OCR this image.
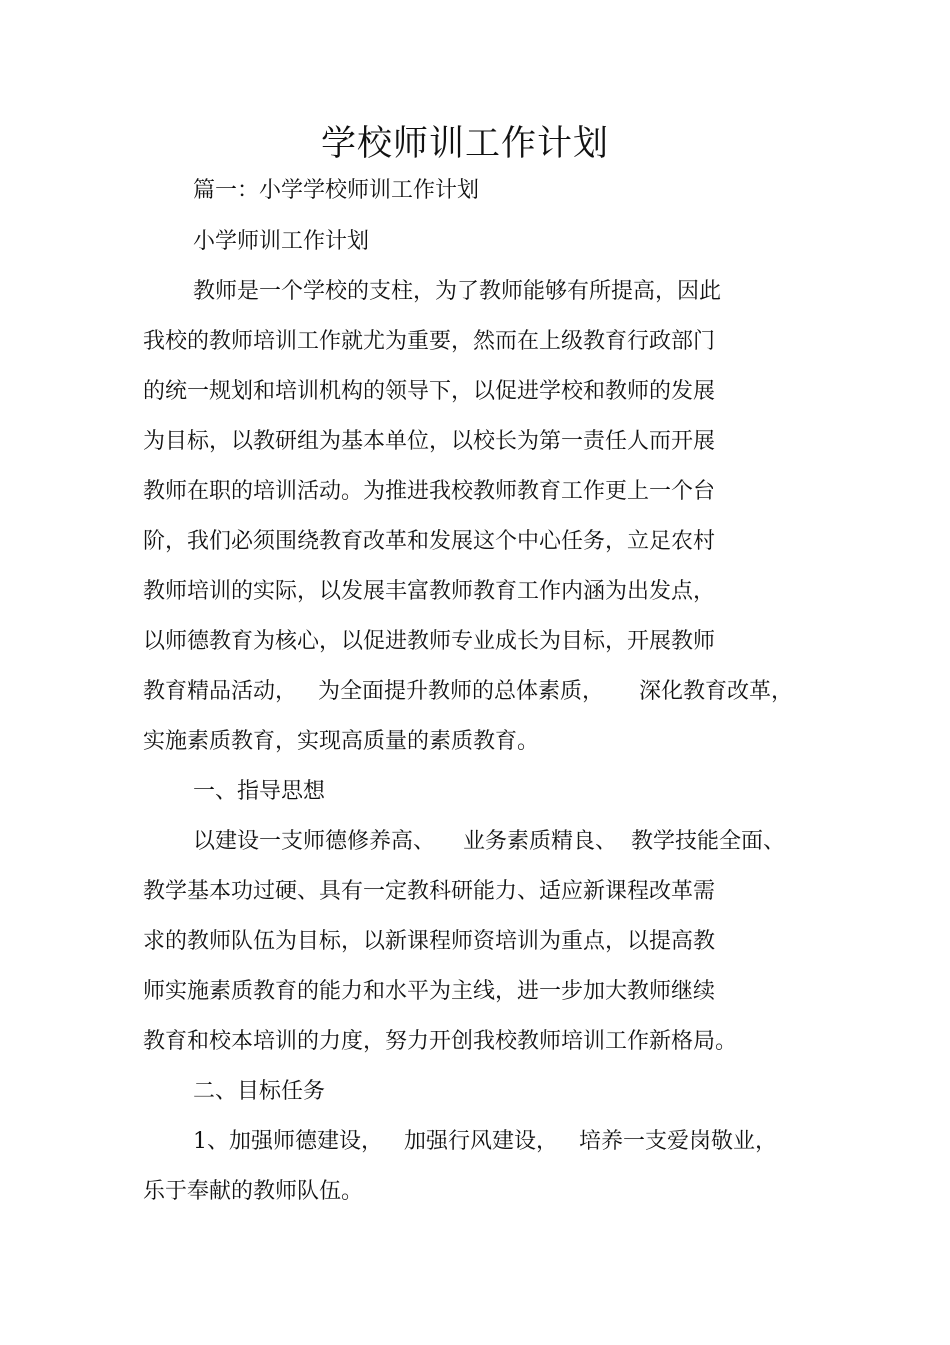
学校师训工作计划
篇一：小学学校师训工作计划
小学师训工作计划
教师是一个学校的支柱，为了教师能够有所提高，因此
我校的教师培训工作就尤为重要，然而在上级教育行政部门
的统一规划和培训机构的领导下，以促进学校和教师的发展
为目标，以教研组为基本单位，以校长为第一责任人而开展
教师在职的培训活动。为推进我校教师教育工作更上一个台
阶，我们必须围绕教育改革和发展这个中心任务，立足农村
教师培训的实际，以发展丰富教师教育工作内涵为出发点，
以师德教育为核心，以促进教师专业成长为目标，开展教师
教育精品活动，   为全面提升教师的总体素质，     深化教育改革，
实施素质教育，实现高质量的素质教育。
一、指导思想
以建设一支师德修养高、    业务素质精良、  教学技能全面、
教学基本功过硬、具有一定教科研能力、适应新课程改革需
求的教师队伍为目标，以新课程师资培训为重点，以提高教
师实施素质教育的能力和水平为主线，进一步加大教师继续
教育和校本培训的力度，努力开创我校教师培训工作新格局。
二、目标任务
1、加强师德建设，   加强行风建设，   培养一支爱岗敬业，
乐于奉献的教师队伍。
